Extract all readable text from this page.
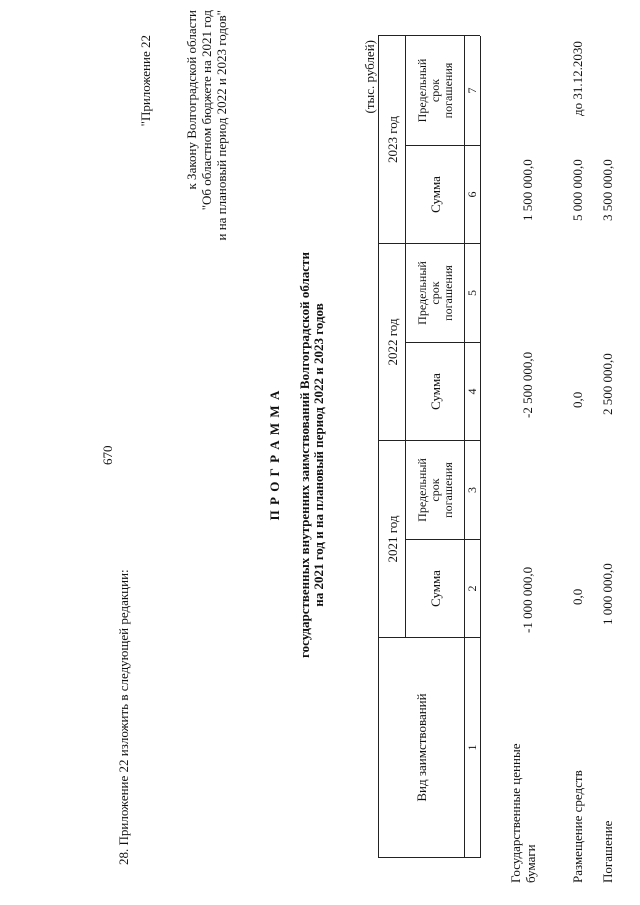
670
28. Приложение 22 изложить в следующей редакции:
"Приложение 22 к Закону Волгоградской области "Об областном бюджете на 2021 год и на плановый период 2022 и 2023 годов"
П Р О Г Р А М М А государственных внутренних заимствований Волгоградской области на 2021 год и на плановый период 2022 и 2023 годов
(тыс. рублей)
Вид заимствований
2021 год
2022 год
2023 год
Сумма
Предельный срок погашения
Сумма
Предельный срок погашения
Сумма
Предельный срок погашения
1
2
3
4
5
6
7
Государственные ценные бумаги
-1 000 000,0
-2 500 000,0
1 500 000,0
Размещение средств
0,0
0,0
5 000 000,0
до 31.12.2030
Погашение
1 000 000,0
2 500 000,0
3 500 000,0
